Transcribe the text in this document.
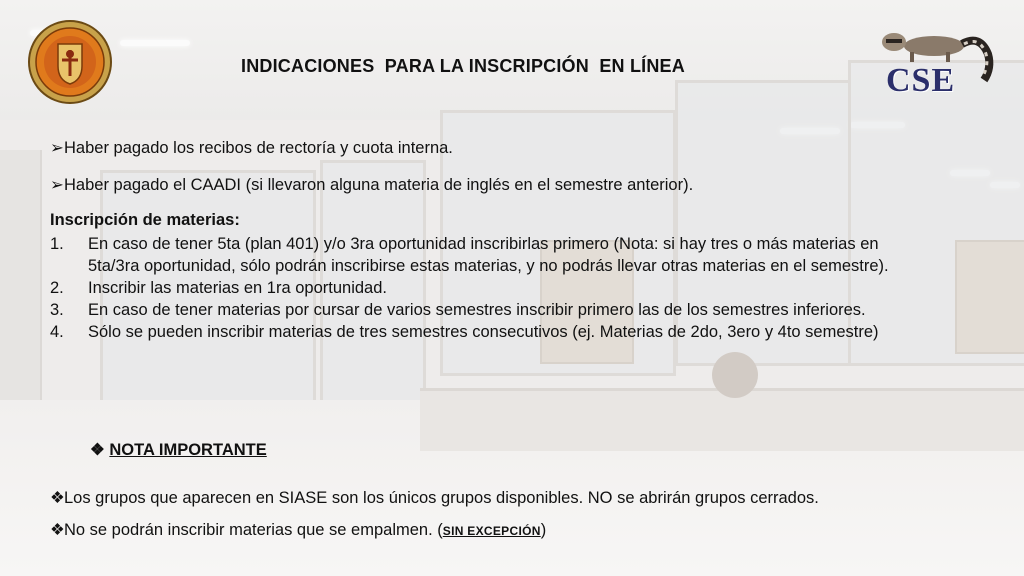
CSE
INDICACIONES  PARA LA INSCRIPCIÓN  EN LÍNEA
➢Haber pagado los recibos de rectoría y cuota interna.
➢Haber pagado el CAADI (si llevaron alguna materia de inglés en el semestre anterior).
Inscripción de materias:
1. En caso de tener 5ta (plan 401) y/o 3ra oportunidad inscribirlas primero (Nota: si hay tres o más materias en 5ta/3ra oportunidad, sólo podrán inscribirse estas materias, y no podrás llevar otras materias en el semestre).
2. Inscribir las materias en 1ra oportunidad.
3. En caso de tener materias por cursar de varios semestres inscribir primero las de los semestres inferiores.
4. Sólo se pueden inscribir materias de tres semestres consecutivos (ej. Materias de 2do, 3ero y 4to semestre)
❖ NOTA IMPORTANTE
❖Los grupos que aparecen en SIASE son los únicos grupos disponibles. NO se abrirán grupos cerrados.
❖No se podrán inscribir materias que se empalmen. (SIN EXCEPCIÓN)
